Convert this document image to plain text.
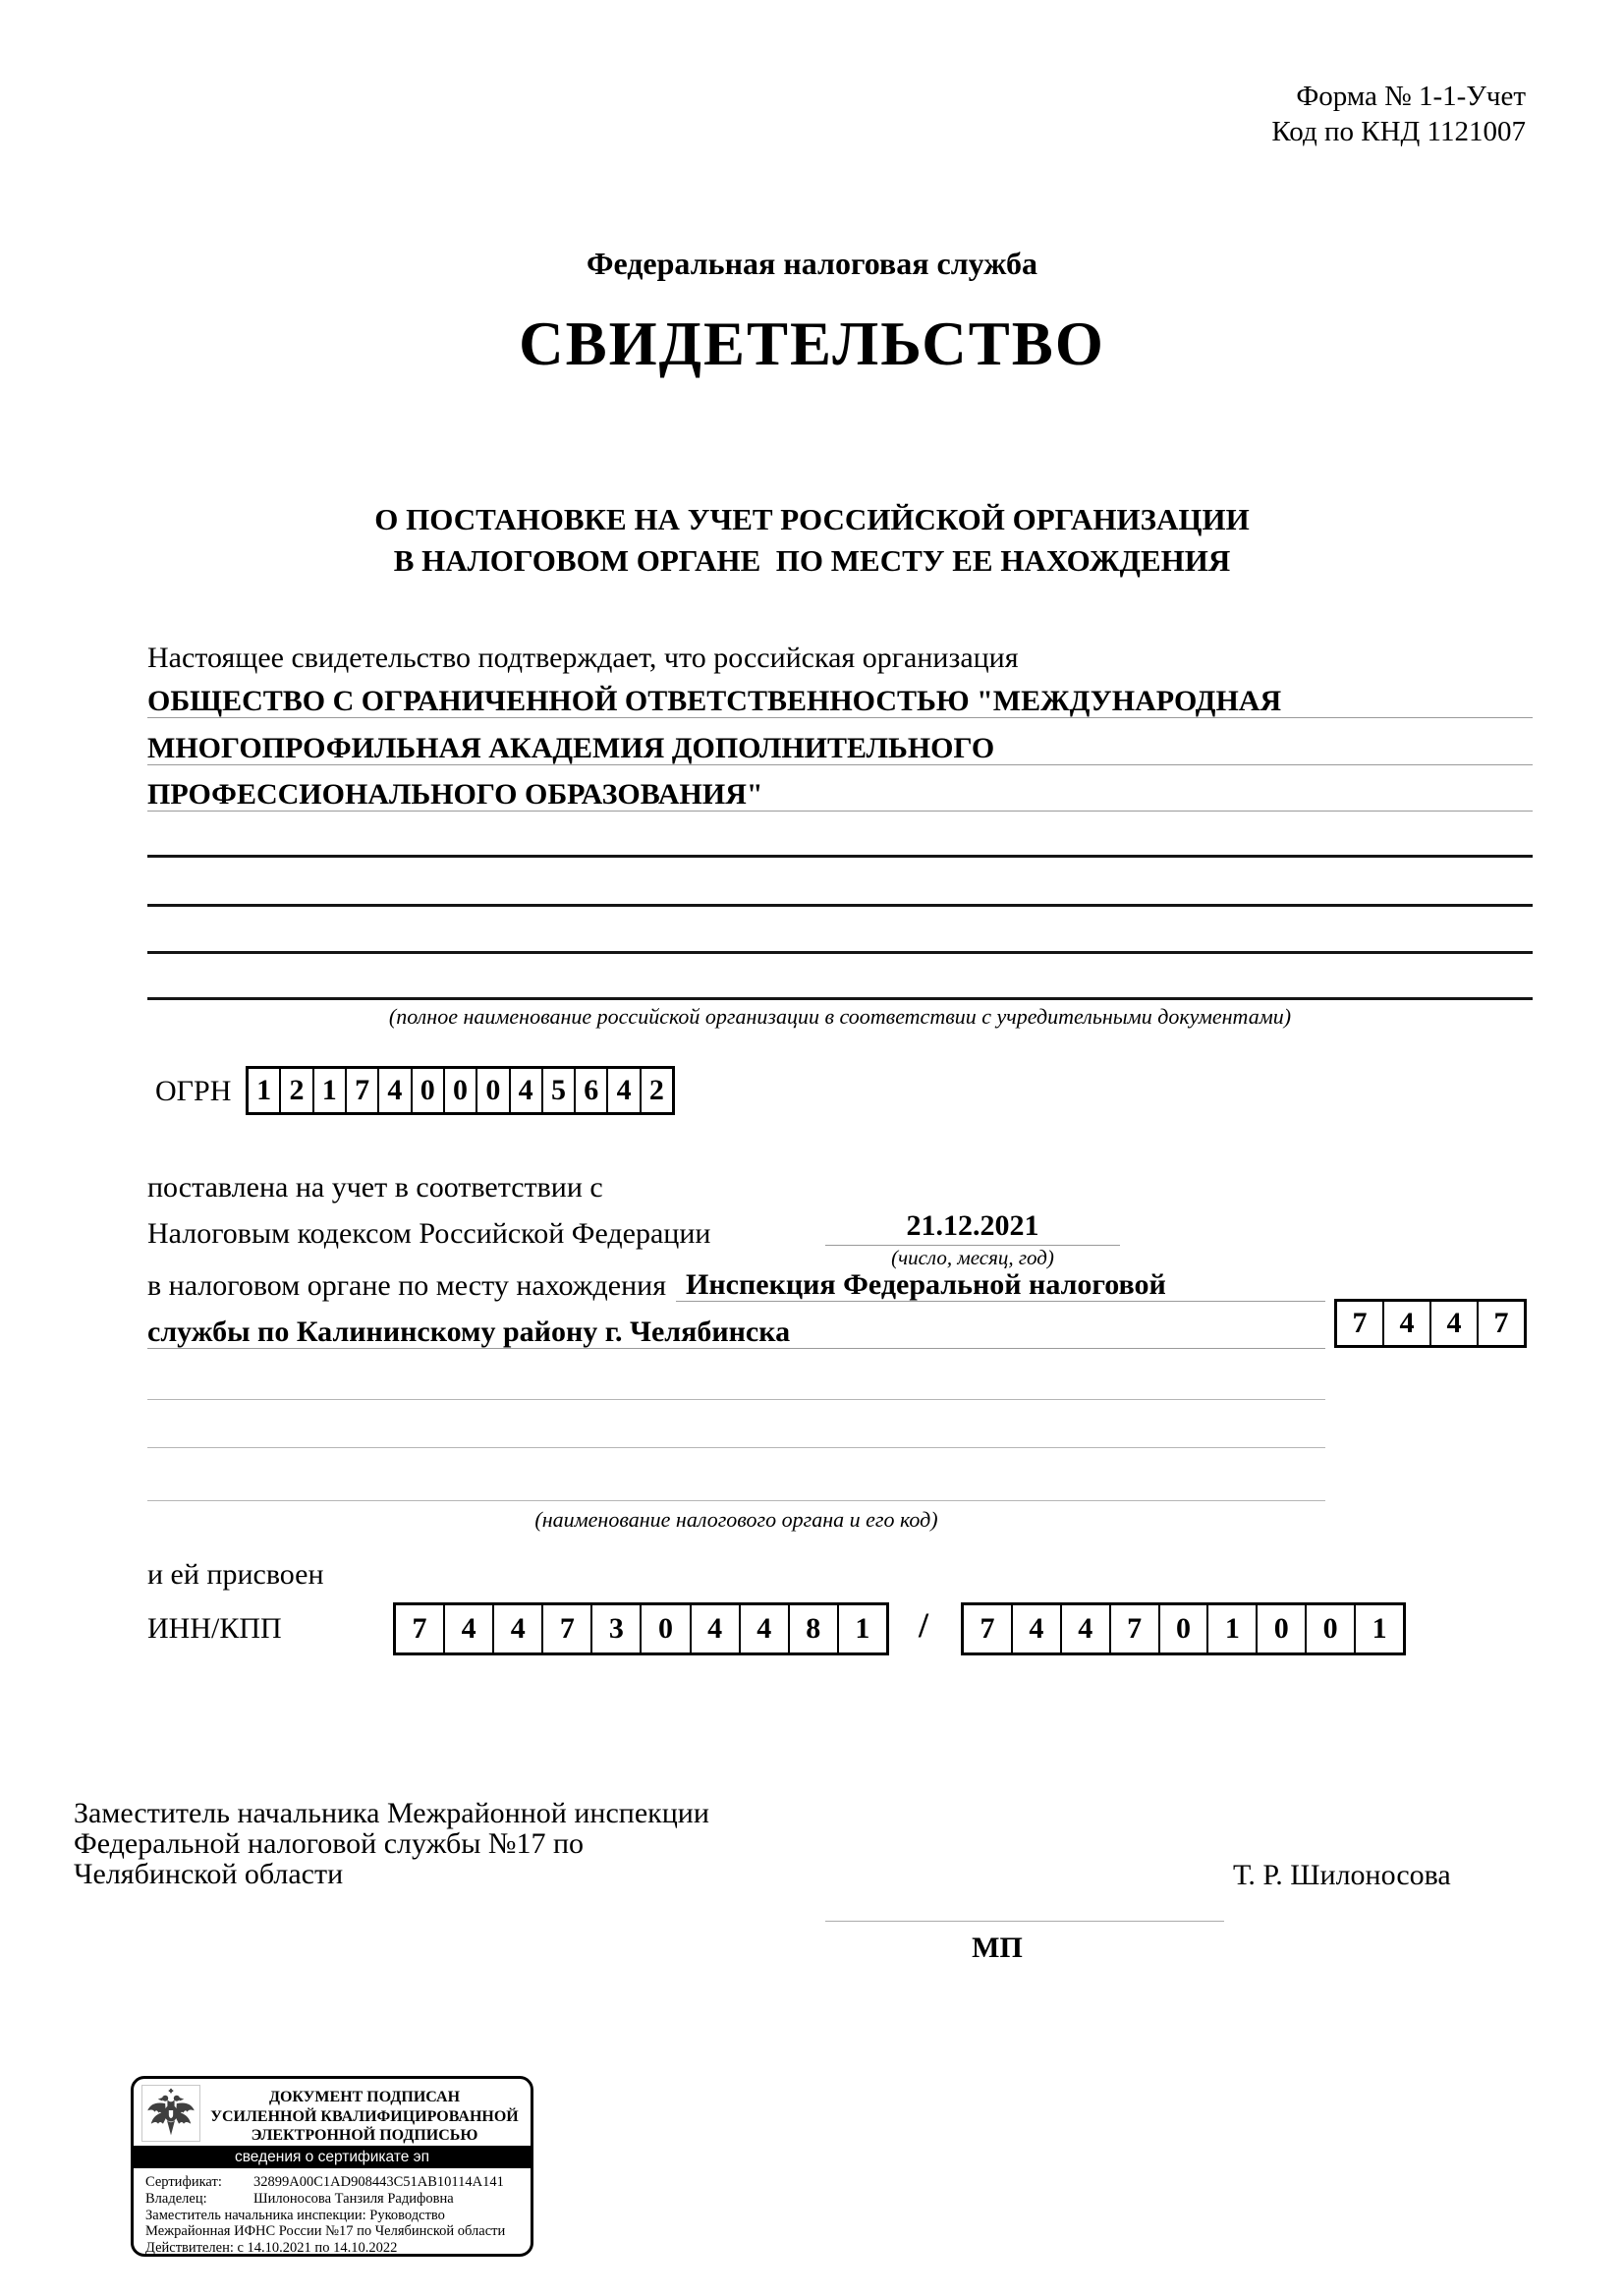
Форма № 1-1-Учет
Код по КНД 1121007
Федеральная налоговая служба
СВИДЕТЕЛЬСТВО
О ПОСТАНОВКЕ НА УЧЕТ РОССИЙСКОЙ ОРГАНИЗАЦИИ
В НАЛОГОВОМ ОРГАНЕ  ПО МЕСТУ ЕЕ НАХОЖДЕНИЯ
Настоящее свидетельство подтверждает, что российская организация
ОБЩЕСТВО С ОГРАНИЧЕННОЙ ОТВЕТСТВЕННОСТЬЮ "МЕЖДУНАРОДНАЯ
МНОГОПРОФИЛЬНАЯ АКАДЕМИЯ ДОПОЛНИТЕЛЬНОГО
ПРОФЕССИОНАЛЬНОГО ОБРАЗОВАНИЯ"
(полное наименование российской организации в соответствии с учредительными документами)
ОГРН 1 2 1 7 4 0 0 0 4 5 6 4 2
поставлена на учет в соответствии с
Налоговым кодексом Российской Федерации	21.12.2021
(число, месяц, год)
в налоговом органе по месту нахождения Инспекция Федеральной налоговой
службы по Калининскому району г. Челябинска	7	4	4	7
(наименование налогового органа и его код)
и ей присвоен
ИНН/КПП	7	4	4	7	3	0	4	4	8	1	/	7	4	4	7	0	1	0	0	1
Заместитель начальника Межрайонной инспекции
Федеральной налоговой службы №17 по
Челябинской области	Т. Р. Шилоносова
МП
ДОКУМЕНТ ПОДПИСАН
УСИЛЕННОЙ КВАЛИФИЦИРОВАННОЙ
ЭЛЕКТРОННОЙ ПОДПИСЬЮ
сведения о сертификате эп
Сертификат:	32899A00C1AD908443C51AB10114A141
Владелец:	Шилоносова Танзиля Радифовна
Заместитель начальника инспекции: Руководство
Межрайонная ИФНС России №17 по Челябинской области
Действителен: с 14.10.2021 по 14.10.2022
